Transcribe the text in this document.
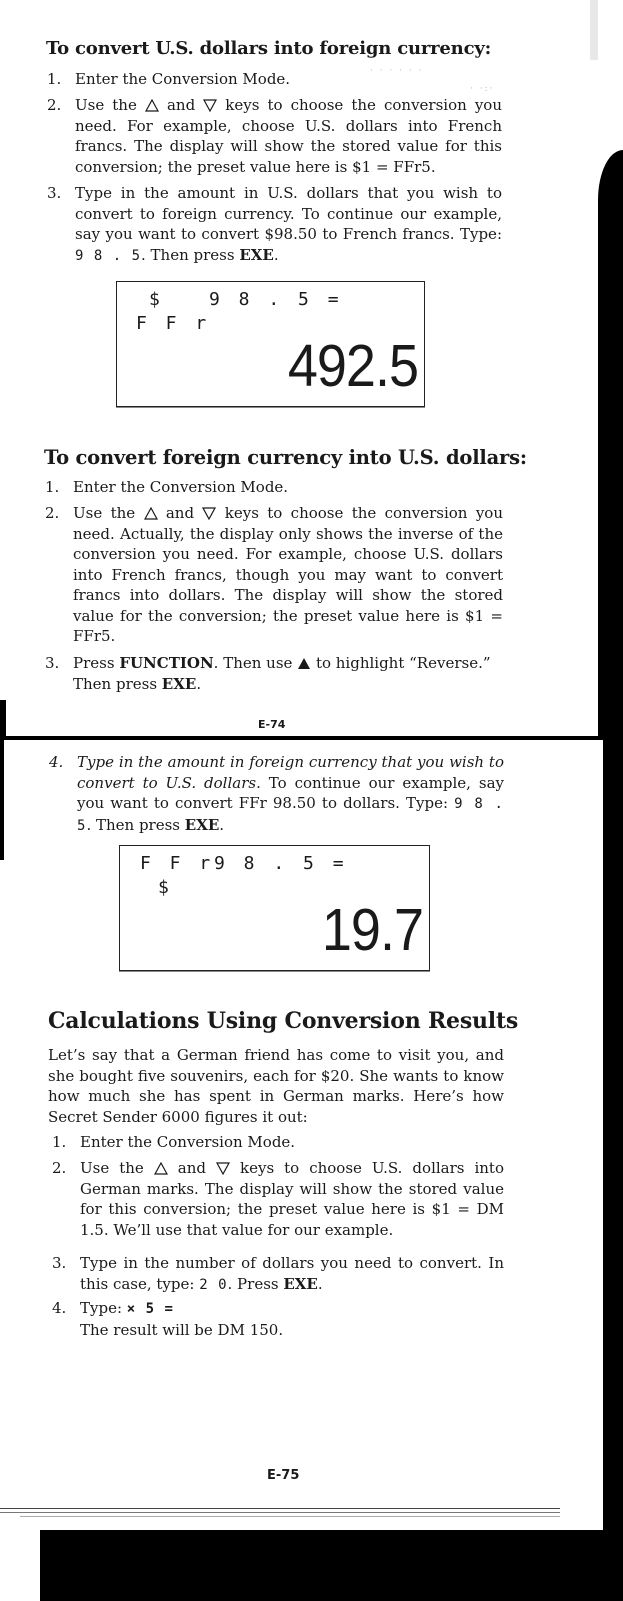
· · · · · ·
· ·:·
To convert U.S. dollars into foreign currency:
1. Enter the Conversion Mode.
2. Use the  and  keys to choose the conversion you need. For example, choose U.S. dollars into French francs. The display will show the stored value for this conversion; the preset value here is $1 = FFr5.
3. Type in the amount in U.S. dollars that you wish to convert to foreign currency. To continue our example, say you want to convert $98.50 to French francs. Type: 9 8 . 5. Then press EXE.
$	9 8 . 5 =
F F r
492.5
To convert foreign currency into U.S. dollars:
1. Enter the Conversion Mode.
2. Use the  and  keys to choose the conversion you need. Actually, the display only shows the inverse of the conversion you need. For example, choose U.S. dollars into French francs, though you may want to convert francs into dollars. The display will show the stored value for the conversion; the preset value here is $1 = FFr5.
3. Press FUNCTION. Then use  to highlight “Reverse.” Then press EXE.
E-74
4. Type in the amount in foreign currency that you wish to convert to U.S. dollars. To continue our example, say you want to convert FFr 98.50 to dollars. Type: 9 8 . 5. Then press EXE.
F F r 9 8 . 5 =
$
19.7
Calculations Using Conversion Results
Let’s say that a German friend has come to visit you, and she bought five souvenirs, each for $20. She wants to know how much she has spent in German marks. Here’s how Secret Sender 6000 figures it out:
1. Enter the Conversion Mode.
2. Use the  and  keys to choose U.S. dollars into German marks. The display will show the stored value for this conversion; the preset value here is $1 = DM 1.5. We’ll use that value for our example.
3. Type in the number of dollars you need to convert. In this case, type: 2 0. Press EXE.
4. Type: × 5 =
The result will be DM 150.
E-75
